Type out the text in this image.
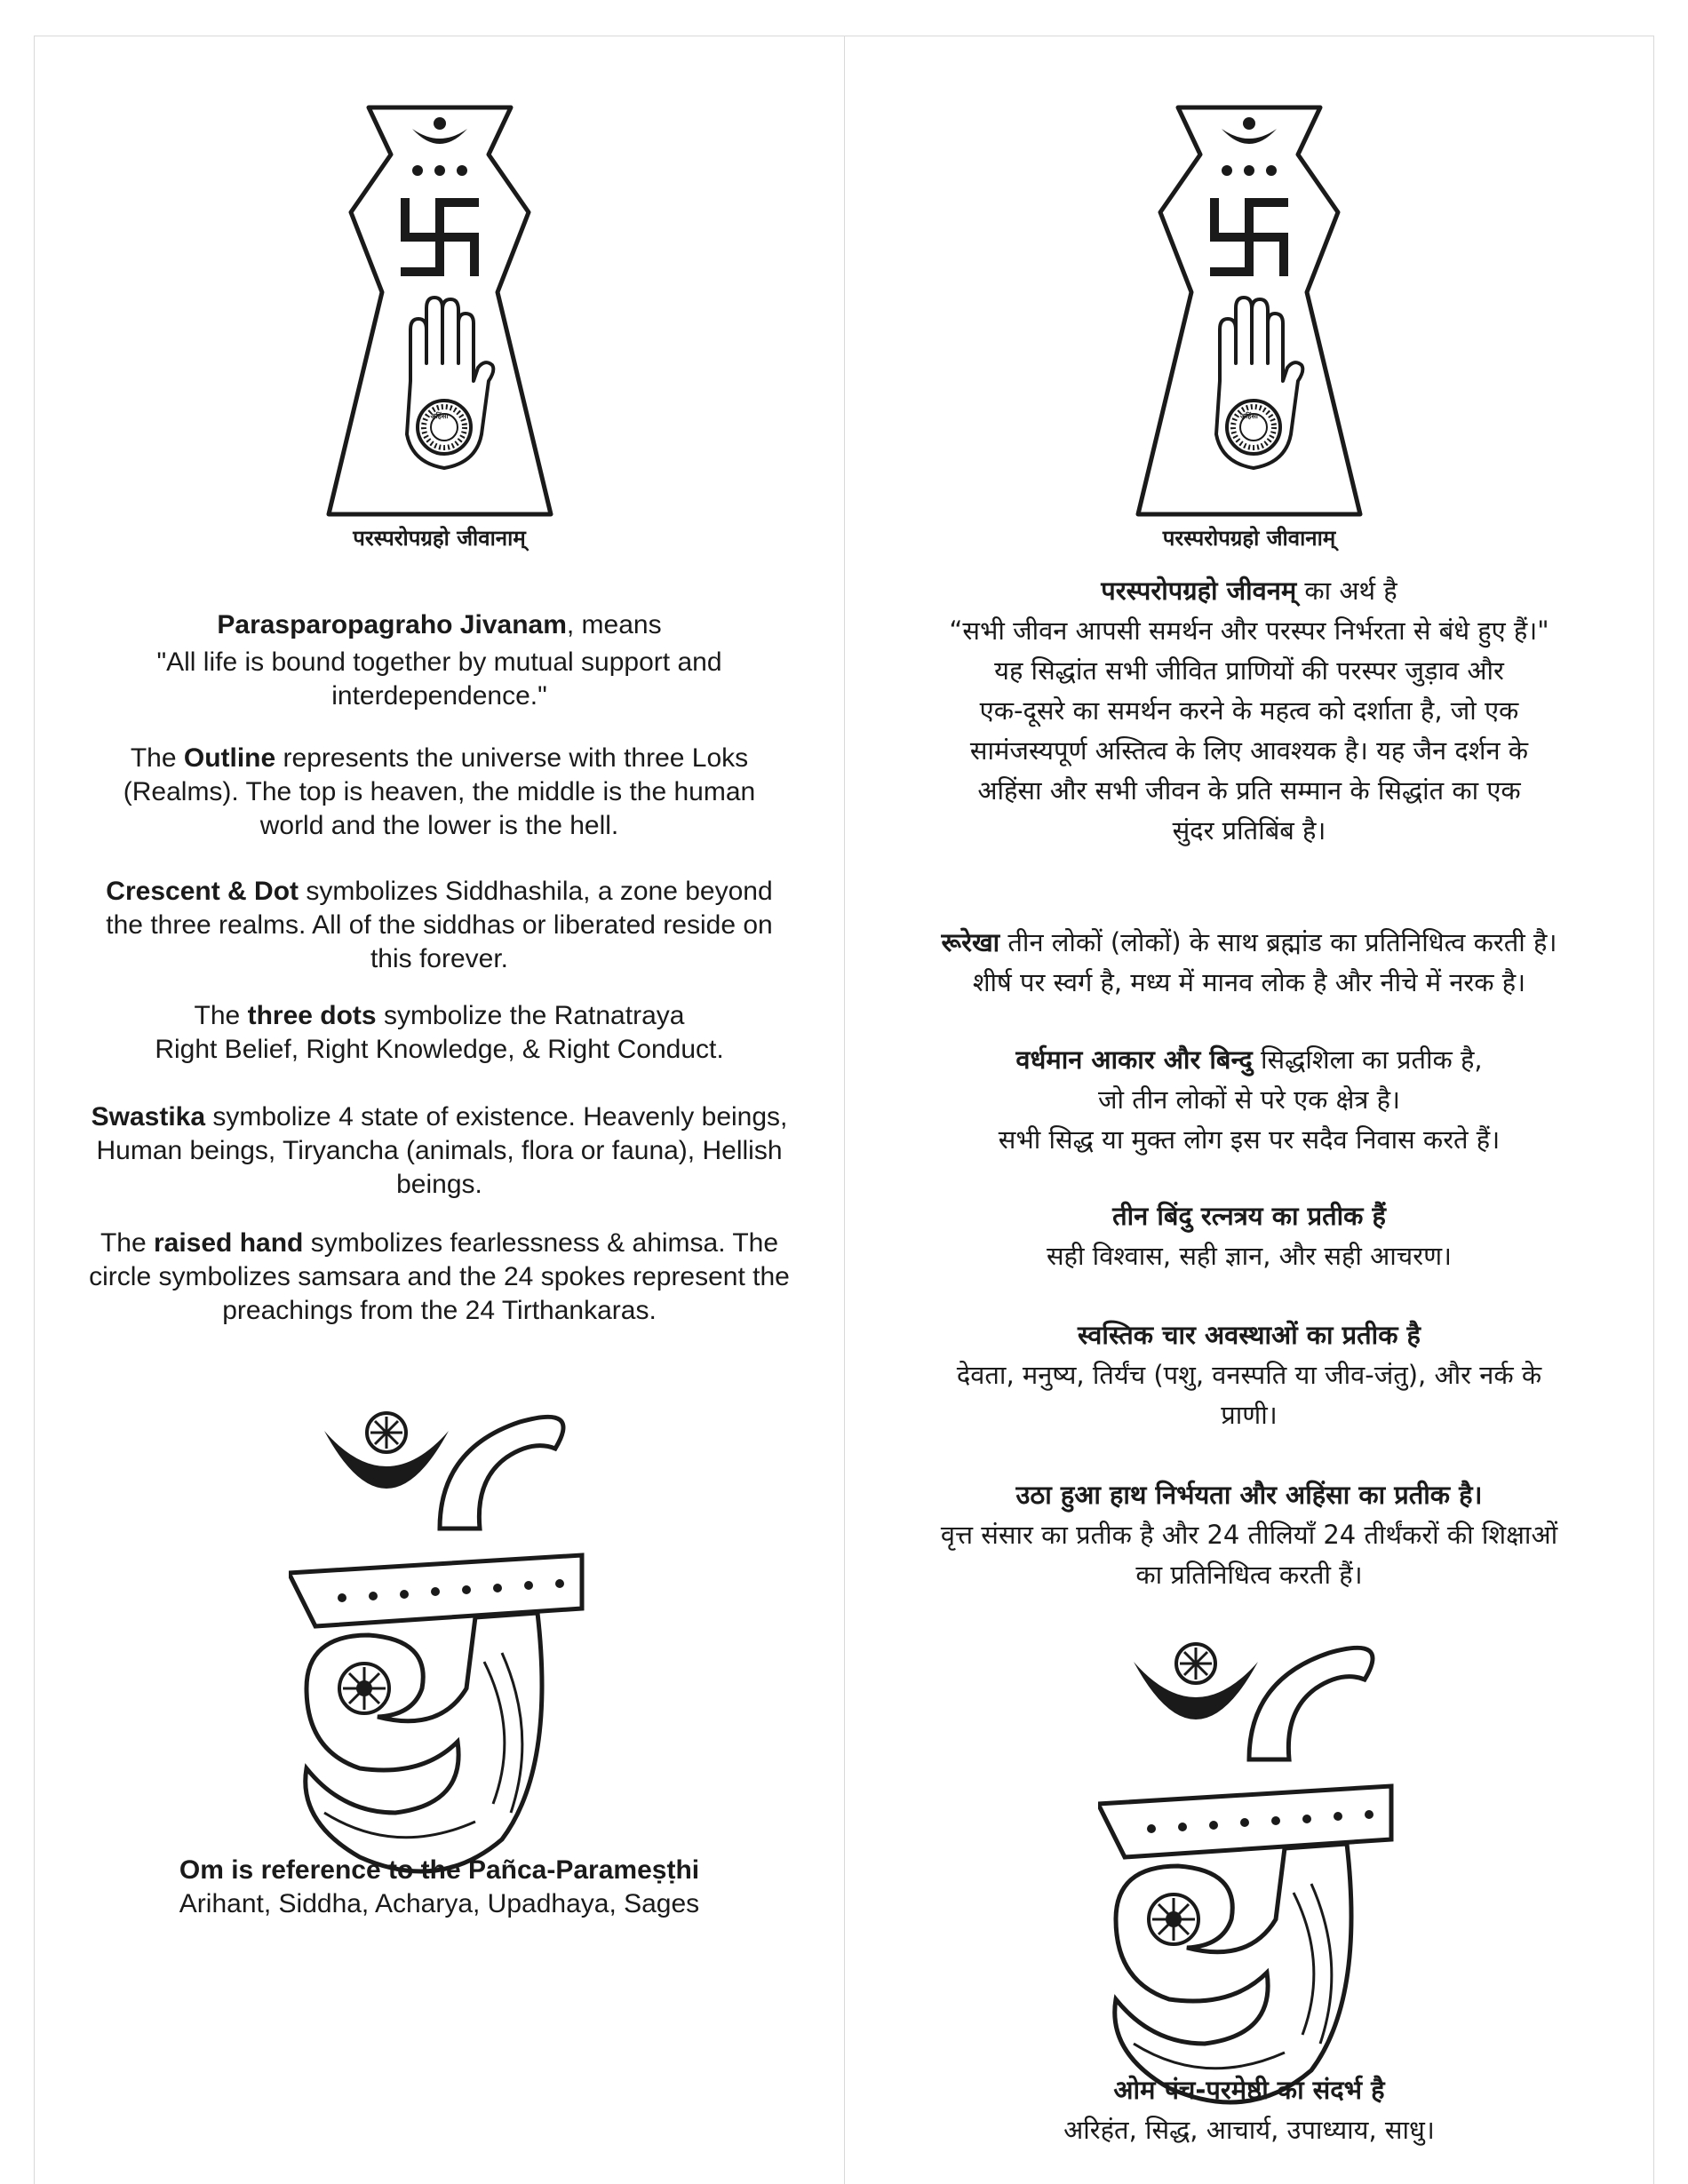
अहिंसा
परस्परोपग्रहो जीवानाम्

Parasparopagraho Jivanam, means

"All life is bound together by mutual support and interdependence."

The Outline represents the universe with three Loks (Realms). The top is heaven, the middle is the human world and the lower is the hell.

Crescent & Dot symbolizes Siddhashila, a zone beyond the three realms. All of the siddhas or liberated reside on this forever.

The three dots symbolize the Ratnatraya

Right Belief, Right Knowledge, & Right Conduct.

Swastika symbolize 4 state of existence. Heavenly beings, Human beings, Tiryancha (animals, flora or fauna), Hellish beings.

The raised hand symbolizes fearlessness & ahimsa. The circle symbolizes samsara and the 24 spokes represent the preachings from the 24 Tirthankaras.

Om is reference to the Pañca-Parameṣṭhi

Arihant, Siddha, Acharya, Upadhaya, Sages

अहिंसा
परस्परोपग्रहो जीवानाम्

परस्परोपग्रहो जीवनम् का अर्थ है

“सभी जीवन आपसी समर्थन और परस्पर निर्भरता से बंधे हुए हैं।"

यह सिद्धांत सभी जीवित प्राणियों की परस्पर जुड़ाव और

एक-दूसरे का समर्थन करने के महत्व को दर्शाता है, जो एक

सामंजस्यपूर्ण अस्तित्व के लिए आवश्यक है। यह जैन दर्शन के

अहिंसा और सभी जीवन के प्रति सम्मान के सिद्धांत का एक

सुंदर प्रतिबिंब है।

रूरेखा तीन लोकों (लोकों) के साथ ब्रह्मांड का प्रतिनिधित्व करती है।

शीर्ष पर स्वर्ग है, मध्य में मानव लोक है और नीचे में नरक है।

वर्धमान आकार और बिन्दु सिद्धशिला का प्रतीक है,

जो तीन लोकों से परे एक क्षेत्र है।

सभी सिद्ध या मुक्त लोग इस पर सदैव निवास करते हैं।

तीन बिंदु रत्नत्रय का प्रतीक हैं

सही विश्वास, सही ज्ञान, और सही आचरण।

स्वस्तिक चार अवस्थाओं का प्रतीक है

देवता, मनुष्य, तिर्यंच (पशु, वनस्पति या जीव-जंतु), और नर्क के

प्राणी।

उठा हुआ हाथ निर्भयता और अहिंसा का प्रतीक है।

वृत्त संसार का प्रतीक है और 24 तीलियाँ 24 तीर्थंकरों की शिक्षाओं

का प्रतिनिधित्व करती हैं।

ओम पंच-परमेष्ठी का संदर्भ है

अरिहंत, सिद्ध, आचार्य, उपाध्याय, साधु।
